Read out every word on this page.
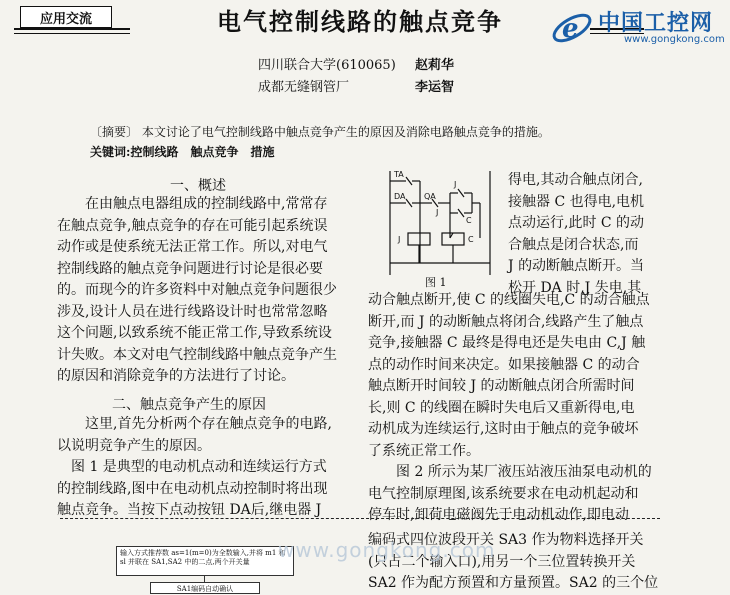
应用交流	电气控制线路的触点竞争
四川联合大学(610065) 赵莉华
成都无缝钢管厂	李运智
e 中国工控网
www.gongkong.com
〔摘要〕 本文讨论了电气控制线路中触点竞争产生的原因及消除电路触点竞争的措施。
关键词:控制线路　触点竞争　措施
一、概述
在由触点电器组成的控制线路中,常常存
在触点竞争,触点竞争的存在可能引起系统误
动作或是使系统无法正常工作。所以,对电气
控制线路的触点竞争问题进行讨论是很必要
的。而现今的许多资料中对触点竞争问题很少
涉及,设计人员在进行线路设计时也常常忽略
这个问题,以致系统不能正常工作,导致系统设
计失败。本文对电气控制线路中触点竞争产生
的原因和消除竞争的方法进行了讨论。
二、触点竞争产生的原因
这里,首先分析两个存在触点竞争的电路,
以说明竞争产生的原因。
图 1 是典型的电动机点动和连续运行方式
的控制线路,图中在电动机点动控制时将出现
触点竞争。当按下点动按钮 DA后,继电器 J
TA
DA QA
J
J
C
J	C
图 1
得电,其动合触点闭合,
接触器 C 也得电,电机
点动运行,此时 C 的动
合触点是闭合状态,而
J 的动断触点断开。当
松开 DA 时,J 失电,其
动合触点断开,使 C 的线圈失电,C 的动合触点
断开,而 J 的动断触点将闭合,线路产生了触点
竞争,接触器 C 最终是得电还是失电由 C,J 触
点的动作时间来决定。如果接触器 C 的动合
触点断开时间较 J 的动断触点闭合所需时间
长,则 C 的线圈在瞬时失电后又重新得电,电
动机成为连续运行,这时由于触点的竞争破坏
了系统正常工作。
图 2 所示为某厂液压站液压油泵电动机的
电气控制原理图,该系统要求在电动机起动和
停车时,卸荷电磁阀先于电动机动作,即电动
输入方式推荐数 as=1(m=0)为全数输入,并将 m1 和 sl 并联在 SA1,SA2 中的二点,两个开关量
SA1编码自动确认
编码式四位波段开关 SA3 作为物料选择开关
(只占二个输入口),用另一个三位置转换开关
SA2 作为配方预置和方量预置。SA2 的三个位
www.gongkong.com
